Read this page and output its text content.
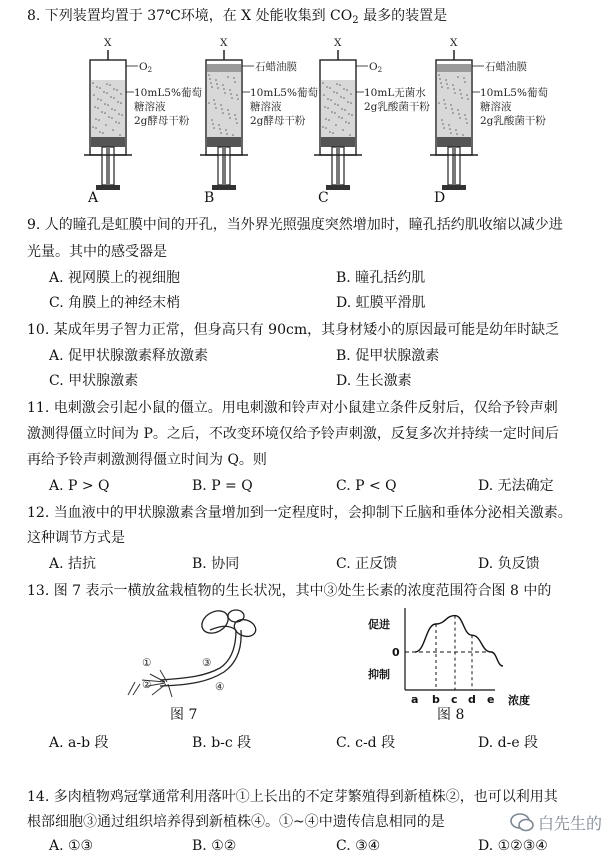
8. 下列装置均置于 37℃环境，在 X 处能收集到 $CO_2$ 最多的装置是
X
O2
10mL5%葡萄
糖溶液
2g酵母干粉
A
X
石蜡油膜
10mL5%葡萄
糖溶液
2g酵母干粉
B
X
O2
10mL无菌水
2g乳酸菌干粉
C
X
石蜡油膜
10mL5%葡萄
糖溶液
2g乳酸菌干粉
D
9. 人的瞳孔是虹膜中间的开孔，当外界光照强度突然增加时，瞳孔括约肌收缩以减少进
光量。其中的感受器是
A. 视网膜上的视细胞	B. 瞳孔括约肌
C. 角膜上的神经末梢	D. 虹膜平滑肌
10. 某成年男子智力正常，但身高只有 90cm，其身材矮小的原因最可能是幼年时缺乏
A. 促甲状腺激素释放激素	B. 促甲状腺激素
C. 甲状腺激素	D. 生长激素
11. 电刺激会引起小鼠的僵立。用电刺激和铃声对小鼠建立条件反射后，仅给予铃声刺
激测得僵立时间为 P。之后，不改变环境仅给予铃声刺激，反复多次并持续一定时间后
再给予铃声刺激测得僵立时间为 Q。则
A. P > Q	B. P = Q	C. P < Q	D. 无法确定
12. 当血液中的甲状腺激素含量增加到一定程度时，会抑制下丘脑和垂体分泌相关激素。
这种调节方式是
A. 拮抗	B. 协同	C. 正反馈	D. 负反馈
13. 图 7 表示一横放盆栽植物的生长状况，其中③处生长素的浓度范围符合图 8 中的
①
②
③
④
图 7
促进
0
抑制
浓度
a b c d e
图 8
A. a-b 段	B. b-c 段	C. c-d 段	D. d-e 段
14. 多肉植物鸡冠掌通常利用落叶①上长出的不定芽繁殖得到新植株②，也可以利用其
根部细胞③通过组织培养得到新植株④。①~④中遗传信息相同的是
A. ①③	B. ①②	C. ③④	D. ①②③④
白先生的
